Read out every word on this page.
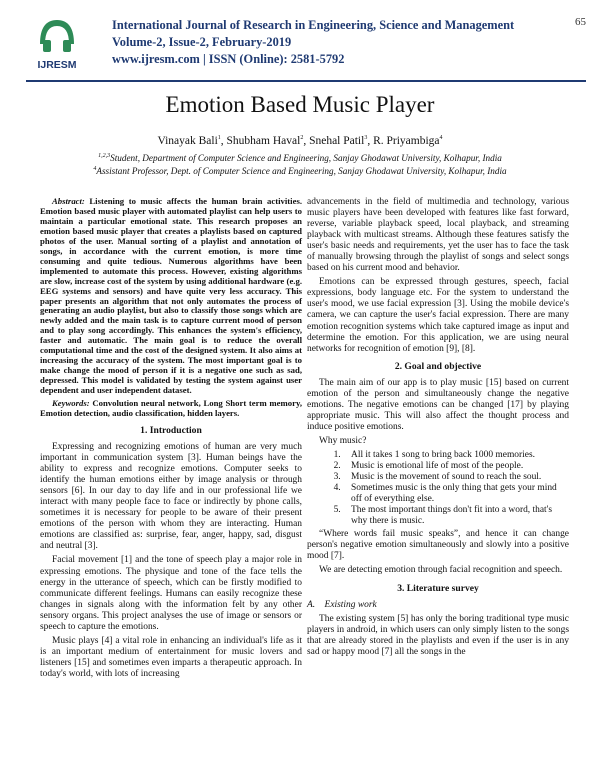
IJRESM
International Journal of Research in Engineering, Science and Management
Volume-2, Issue-2, February-2019
www.ijresm.com | ISSN (Online): 2581-5792
65
Emotion Based Music Player
Vinayak Bali$^1$, Shubham Haval$^2$, Snehal Patil$^3$, R. Priyambiga$^4$
$^{1,2,3}$Student, Department of Computer Science and Engineering, Sanjay Ghodawat University, Kolhapur, India
$^4$Assistant Professor, Dept. of Computer Science and Engineering, Sanjay Ghodawat University, Kolhapur, India

Abstract: Listening to music affects the human brain activities. Emotion based music player with automated playlist can help users to maintain a particular emotional state. This research proposes an emotion based music player that creates a playlists based on captured photos of the user. Manual sorting of a playlist and annotation of songs, in accordance with the current emotion, is more time consuming and quite tedious. Numerous algorithms have been implemented to automate this process. However, existing algorithms are slow, increase cost of the system by using additional hardware (e.g. EEG systems and sensors) and have quite very less accuracy. This paper presents an algorithm that not only automates the process of generating an audio playlist, but also to classify those songs which are newly added and the main task is to capture current mood of person and to play song accordingly. This enhances the system's efficiency, faster and automatic. The main goal is to reduce the overall computational time and the cost of the designed system. It also aims at increasing the accuracy of the system. The most important goal is to make change the mood of person if it is a negative one such as sad, depressed. This model is validated by testing the system against user dependent and user independent dataset.

Keywords: Convolution neural network, Long Short term memory, Emotion detection, audio classification, hidden layers.

1. Introduction

Expressing and recognizing emotions of human are very much important in communication system [3]. Human beings have the ability to express and recognize emotions. Computer seeks to identify the human emotions either by image analysis or through sensors [6]. In our day to day life and in our professional life we interact with many people face to face or indirectly by phone calls, sometimes it is necessary for people to be aware of their present emotions of the person with whom they are interacting. Human emotions are classified as: surprise, fear, anger, happy, sad, disgust and neutral [3].

Facial movement [1] and the tone of speech play a major role in expressing emotions. The physique and tone of the face tells the energy in the utterance of speech, which can be firstly modified to communicate different feelings. Humans can easily recognize these changes in signals along with the information felt by any other sensory organs. This project analyses the use of image or sensors or speech to capture the emotions.

Music plays [4] a vital role in enhancing an individual's life as it is an important medium of entertainment for music lovers and listeners [15] and sometimes even imparts a therapeutic approach. In today's world, with lots of increasing

advancements in the field of multimedia and technology, various music players have been developed with features like fast forward, reverse, variable playback speed, local playback, and streaming playback with multicast streams. Although these features satisfy the user's basic needs and requirements, yet the user has to face the task of manually browsing through the playlist of songs and select songs based on his current mood and behavior.

Emotions can be expressed through gestures, speech, facial expressions, body language etc. For the system to understand the user's mood, we use facial expression [3]. Using the mobile device's camera, we can capture the user's facial expression. There are many emotion recognition systems which take captured image as input and determine the emotion. For this application, we are using neural networks for recognition of emotion [9], [8].

2. Goal and objective

The main aim of our app is to play music [15] based on current emotion of the person and simultaneously change the negative emotions. The negative emotions can be changed [17] by playing appropriate music. This will also affect the thought process and induce positive emotions.

Why music?

1. All it takes 1 song to bring back 1000 memories.
2. Music is emotional life of most of the people.
3. Music is the movement of sound to reach the soul.
4. Sometimes music is the only thing that gets your mind off of everything else.
5. The most important things don't fit into a word, that's why there is music.

“Where words fail music speaks”, and hence it can change person's negative emotion simultaneously and slowly into a positive mood [7].

We are detecting emotion through facial recognition and speech.

3. Literature survey
A. Existing work

The existing system [5] has only the boring traditional type music players in android, in which users can only simply listen to the songs that are already stored in the playlists and even if the user is in any sad or happy mood [7] all the songs in the
